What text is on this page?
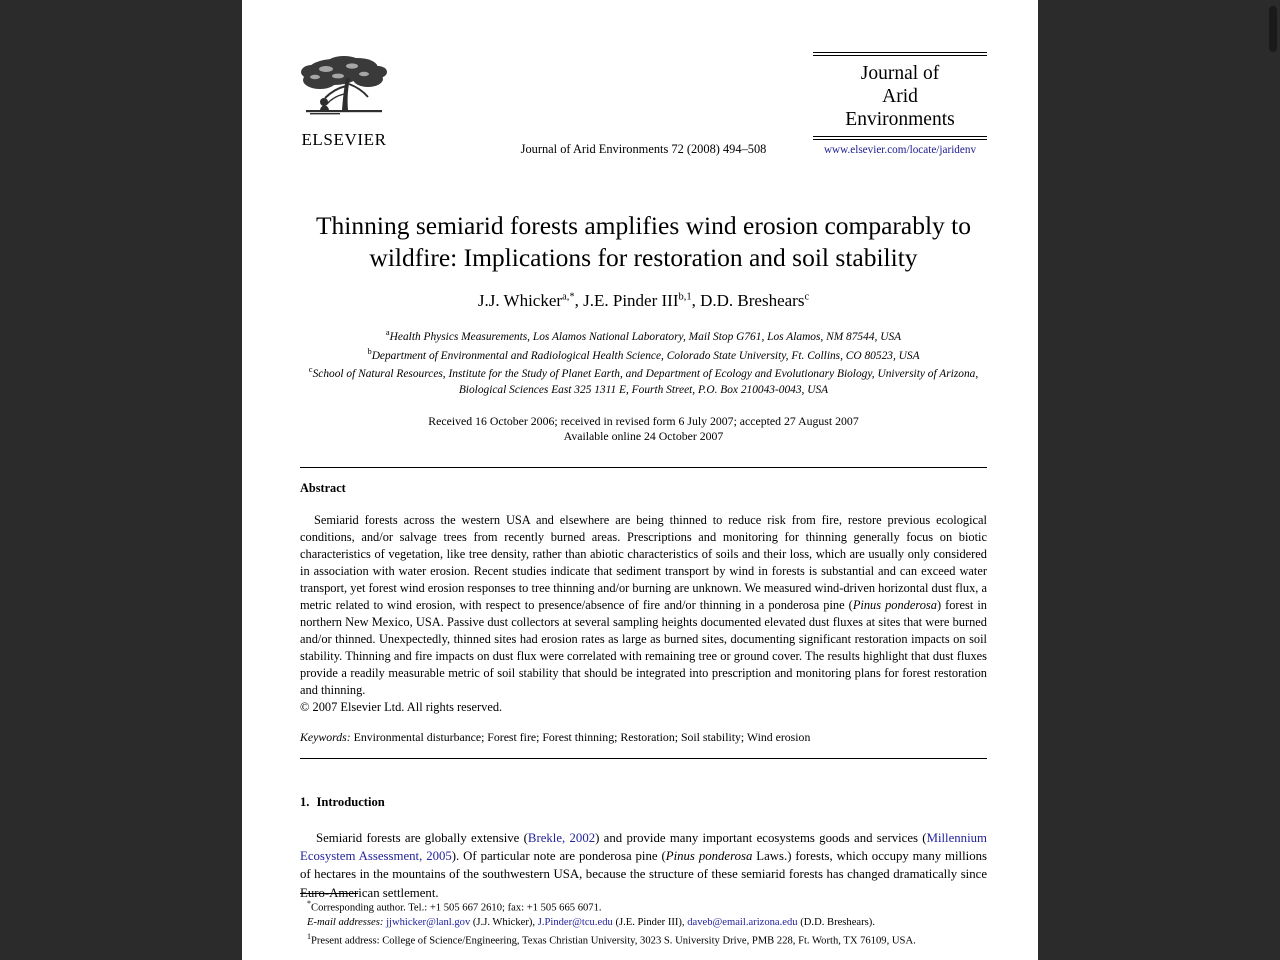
ELSEVIER	Journal of Arid Environments 72 (2008) 494–508
Journal of
Arid
Environments
www.elsevier.com/locate/jaridenv
Thinning semiarid forests amplifies wind erosion comparably to wildfire: Implications for restoration and soil stability
J.J. Whicker$^{a,*}$, J.E. Pinder III$^{b,1}$, D.D. Breshears$^c$
$^a$Health Physics Measurements, Los Alamos National Laboratory, Mail Stop G761, Los Alamos, NM 87544, USA
$^b$Department of Environmental and Radiological Health Science, Colorado State University, Ft. Collins, CO 80523, USA
$^c$School of Natural Resources, Institute for the Study of Planet Earth, and Department of Ecology and Evolutionary Biology, University of Arizona, Biological Sciences East 325 1311 E, Fourth Street, P.O. Box 210043-0043, USA
Received 16 October 2006; received in revised form 6 July 2007; accepted 27 August 2007
Available online 24 October 2007
Abstract
Semiarid forests across the western USA and elsewhere are being thinned to reduce risk from fire, restore previous ecological conditions, and/or salvage trees from recently burned areas. Prescriptions and monitoring for thinning generally focus on biotic characteristics of vegetation, like tree density, rather than abiotic characteristics of soils and their loss, which are usually only considered in association with water erosion. Recent studies indicate that sediment transport by wind in forests is substantial and can exceed water transport, yet forest wind erosion responses to tree thinning and/or burning are unknown. We measured wind-driven horizontal dust flux, a metric related to wind erosion, with respect to presence/absence of fire and/or thinning in a ponderosa pine (Pinus ponderosa) forest in northern New Mexico, USA. Passive dust collectors at several sampling heights documented elevated dust fluxes at sites that were burned and/or thinned. Unexpectedly, thinned sites had erosion rates as large as burned sites, documenting significant restoration impacts on soil stability. Thinning and fire impacts on dust flux were correlated with remaining tree or ground cover. The results highlight that dust fluxes provide a readily measurable metric of soil stability that should be integrated into prescription and monitoring plans for forest restoration and thinning.
© 2007 Elsevier Ltd. All rights reserved.
Keywords: Environmental disturbance; Forest fire; Forest thinning; Restoration; Soil stability; Wind erosion
1. Introduction
Semiarid forests are globally extensive (Brekle, 2002) and provide many important ecosystems goods and services (Millennium Ecosystem Assessment, 2005). Of particular note are ponderosa pine (Pinus ponderosa Laws.) forests, which occupy many millions of hectares in the mountains of the southwestern USA, because the structure of these semiarid forests has changed dramatically since Euro-American settlement.
*Corresponding author. Tel.: +1 505 667 2610; fax: +1 505 665 6071.
E-mail addresses: jjwhicker@lanl.gov (J.J. Whicker), J.Pinder@tcu.edu (J.E. Pinder III), daveb@email.arizona.edu (D.D. Breshears).
$^1$Present address: College of Science/Engineering, Texas Christian University, 3023 S. University Drive, PMB 228, Ft. Worth, TX 76109, USA.
